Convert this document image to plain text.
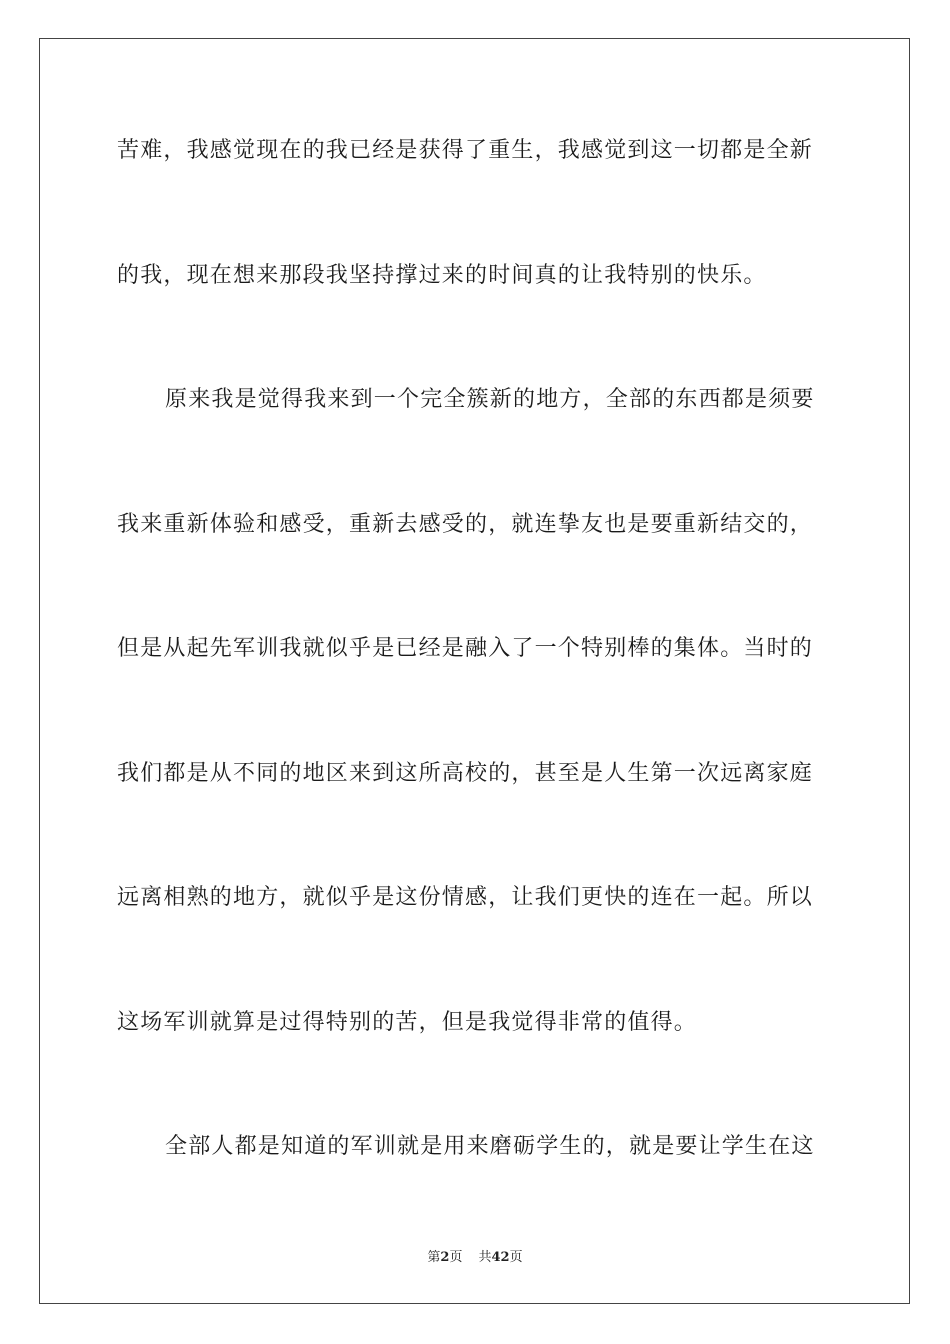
苦难，我感觉现在的我已经是获得了重生，我感觉到这一切都是全新
的我，现在想来那段我坚持撑过来的时间真的让我特别的快乐。
原来我是觉得我来到一个完全簇新的地方，全部的东西都是须要
我来重新体验和感受，重新去感受的，就连挚友也是要重新结交的，
但是从起先军训我就似乎是已经是融入了一个特别棒的集体。当时的
我们都是从不同的地区来到这所高校的，甚至是人生第一次远离家庭
远离相熟的地方，就似乎是这份情感，让我们更快的连在一起。所以
这场军训就算是过得特别的苦，但是我觉得非常的值得。
全部人都是知道的军训就是用来磨砺学生的，就是要让学生在这
第2页 共42页
